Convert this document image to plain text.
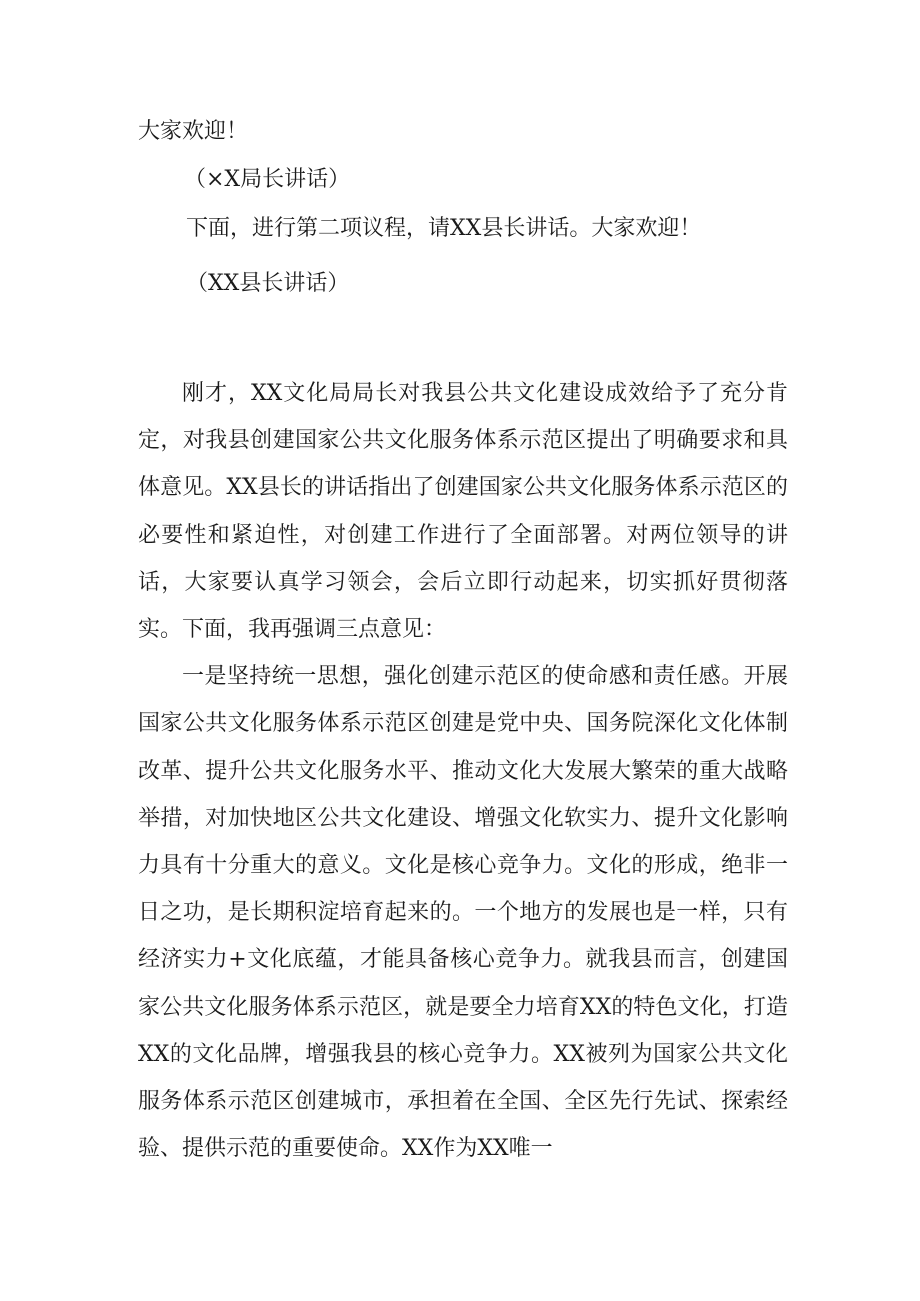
大家欢迎！

（×X局长讲话）

下面，进行第二项议程，请XX县长讲话。大家欢迎！

（XX县长讲话）

刚才，XX文化局局长对我县公共文化建设成效给予了充分肯定，对我县创建国家公共文化服务体系示范区提出了明确要求和具体意见。XX县长的讲话指出了创建国家公共文化服务体系示范区的必要性和紧迫性，对创建工作进行了全面部署。对两位领导的讲话，大家要认真学习领会，会后立即行动起来，切实抓好贯彻落实。下面，我再强调三点意见：

一是坚持统一思想，强化创建示范区的使命感和责任感。开展国家公共文化服务体系示范区创建是党中央、国务院深化文化体制改革、提升公共文化服务水平、推动文化大发展大繁荣的重大战略举措，对加快地区公共文化建设、增强文化软实力、提升文化影响力具有十分重大的意义。文化是核心竞争力。文化的形成，绝非一日之功，是长期积淀培育起来的。一个地方的发展也是一样，只有经济实力+文化底蕴，才能具备核心竞争力。就我县而言，创建国家公共文化服务体系示范区，就是要全力培育XX的特色文化，打造XX的文化品牌，增强我县的核心竞争力。XX被列为国家公共文化服务体系示范区创建城市，承担着在全国、全区先行先试、探索经验、提供示范的重要使命。XX作为XX唯一
